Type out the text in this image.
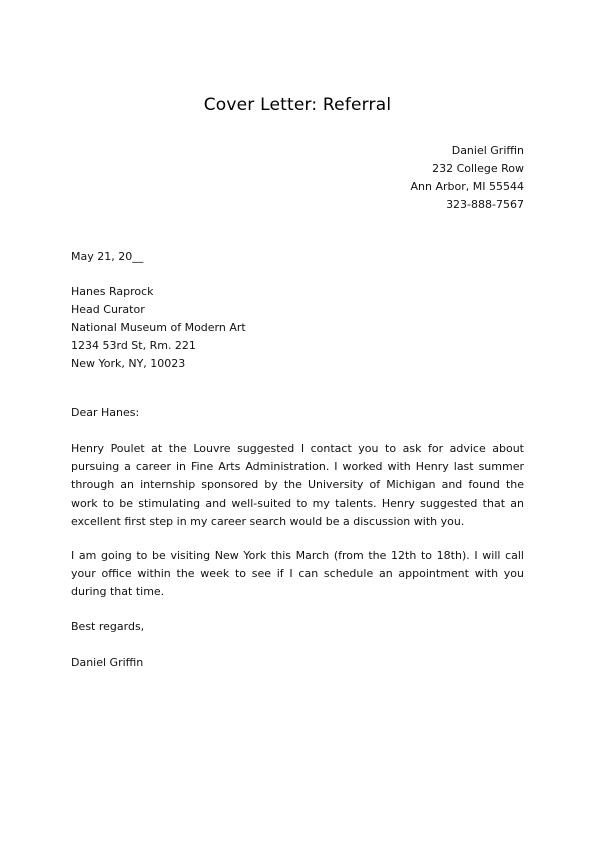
Cover Letter: Referral
Daniel Griffin
232 College Row
Ann Arbor, MI 55544
323-888-7567
May 21, 20__
Hanes Raprock
Head Curator
National Museum of Modern Art
1234 53rd St, Rm. 221
New York, NY, 10023
Dear Hanes:
Henry Poulet at the Louvre suggested I contact you to ask for advice about pursuing a career in Fine Arts Administration. I worked with Henry last summer through an internship sponsored by the University of Michigan and found the work to be stimulating and well-suited to my talents. Henry suggested that an excellent first step in my career search would be a discussion with you.
I am going to be visiting New York this March (from the 12th to 18th). I will call your office within the week to see if I can schedule an appointment with you during that time.
Best regards,
Daniel Griffin
